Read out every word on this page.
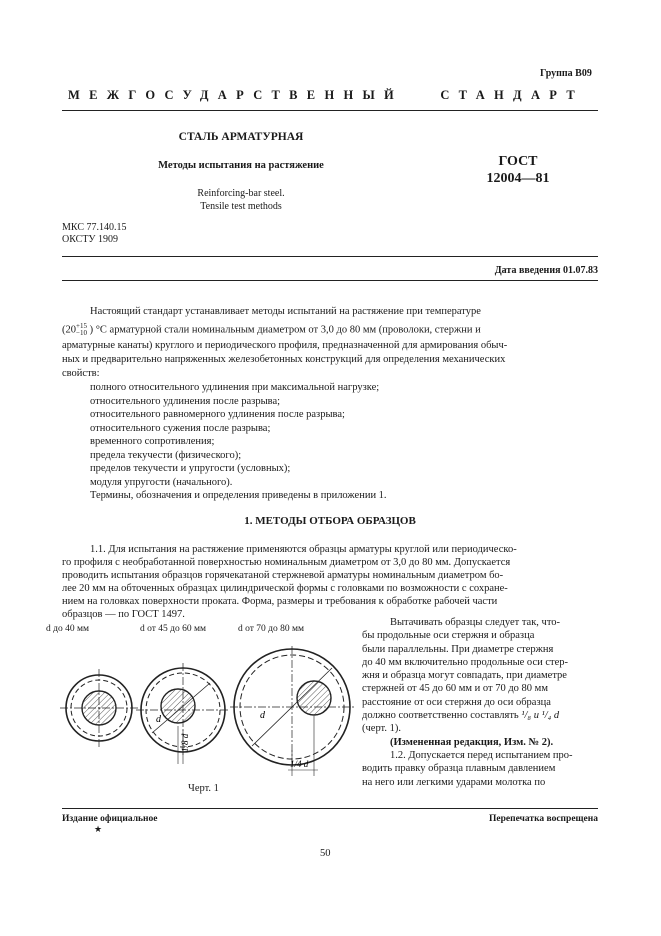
Группа В09
МЕЖГОСУДАРСТВЕННЫЙ   СТАНДАРТ
СТАЛЬ АРМАТУРНАЯ
Методы испытания на растяжение
Reinforcing-bar steel.
Tensile test methods
ГОСТ
12004—81
МКС 77.140.15
ОКСТУ 1909
Дата введения 01.07.83
Настоящий стандарт устанавливает методы испытаний на растяжение при температуре
(20 +15
−10 ) °С арматурной стали номинальным диаметром от 3,0 до 80 мм (проволоки, стержни и
арматурные канаты) круглого и периодического профиля, предназначенной для армирования обыч-
ных и предварительно напряженных железобетонных конструкций для определения механических
свойств:
полного относительного удлинения при максимальной нагрузке;
относительного удлинения после разрыва;
относительного равномерного удлинения после разрыва;
относительного сужения после разрыва;
временного сопротивления;
предела текучести (физического);
пределов текучести и упругости (условных);
модуля упругости (начального).
Термины, обозначения и определения приведены в приложении 1.
1. МЕТОДЫ ОТБОРА ОБРАЗЦОВ
1.1. Для испытания на растяжение применяются образцы арматуры круглой или периодическо-
го профиля с необработанной поверхностью номинальным диаметром от 3,0 до 80 мм. Допускается
проводить испытания образцов горячекатаной стержневой арматуры номинальным диаметром бо-
лее 20 мм на обточенных образцах цилиндрической формы с головками по возможности с сохране-
нием на головках поверхности проката. Форма, размеры и требования к обработке рабочей части
образцов — по ГОСТ 1497.
Вытачивать образцы следует так, что-
бы продольные оси стержня и образца
были параллельны. При диаметре стержня
до 40 мм включительно продольные оси стер-
жня и образца могут совпадать, при диаметре
стержней от 45 до 60 мм и от 70 до 80 мм
расстояние от оси стержня до оси образца
должно соответственно составлять ¹/₈ и ¹/₄ d
(черт. 1).
(Измененная редакция, Изм. № 2).
1.2. Допускается перед испытанием про-
водить правку образца плавным давлением
на него или легкими ударами молотка по
d до 40 мм	d от 45 до 60 мм	d от 70 до 80 мм
d
1/8 d
d
1/4 d
Черт. 1
Издание официальное	Перепечатка воспрещена
★
50
